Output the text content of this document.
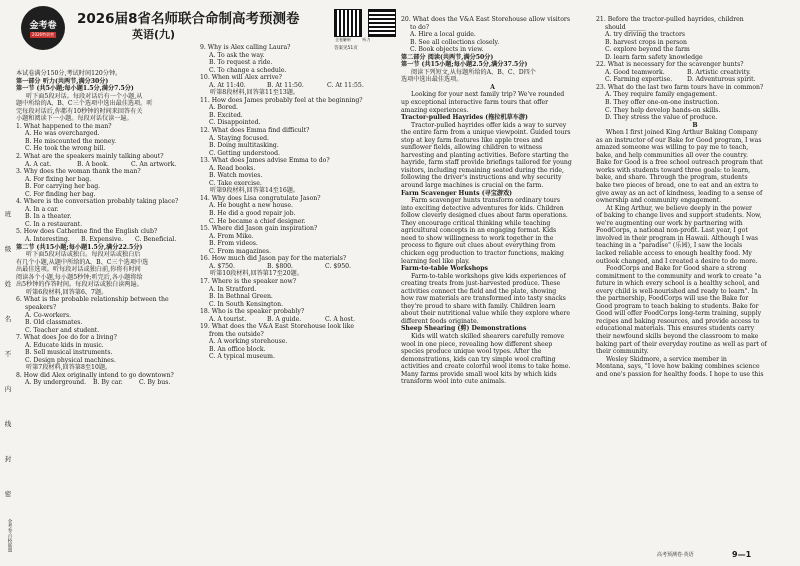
金考卷
2026特训营
2026届8省名师联合命制高考预测卷
英语(九)	全卷解析	听力
答案见51页
班
级
姓
名
不
内
线
封
密
金考卷·百校联盟
本试卷满分150分,考试时间120分钟。
第一部分 听力(共两节,满分30分)
第一节 (共5小题;每小题1.5分,满分7.5分)
听下面5段对话。每段对话后有一个小题,从
题中所给的A、B、C三个选项中选出最佳选项。听
完每段对话后,你都有10秒钟的时间来回答有关
小题和阅读下一小题。每段对话仅读一遍。
1. What happened to the man?
A. He was overcharged.
B. He miscounted the money.
C. He took the wrong bill.
2. What are the speakers mainly talking about?
A. A cat.	B. A book.	C. An artwork.
3. Why does the woman thank the man?
A. For fixing her bag.
B. For carrying her bag.
C. For finding her bag.
4. Where is the conversation probably taking place?
A. In a car.
B. In a theater.
C. In a restaurant.
5. How does Catherine find the English club?
A. Interesting. B. Expensive. C. Beneficial.
第二节 (共15小题;每小题1.5分,满分22.5分)
听下面5段对话或独白。每段对话或独白后
有几个小题,从题中所给的A、B、C三个选项中选
出最佳选项。听每段对话或独白前,你将有时间
阅读各个小题,每小题5秒钟;听完后,各小题将给
出5秒钟的作答时间。每段对话或独白读两遍。
听第6段材料,回答第6、7题。
6. What is the probable relationship between the
speakers?
A. Co-workers.
B. Old classmates.
C. Teacher and student.
7. What does Joe do for a living?
A. Educate kids in music.
B. Sell musical instruments.
C. Design physical machines.
听第7段材料,回答第8至10题。
8. How did Alex originally intend to go downtown?
A. By underground. B. By car.	C. By bus.
9. Why is Alex calling Laura?
A. To ask the way.
B. To request a ride.
C. To change a schedule.
10. When will Alex arrive?
A. At 11:40.	B. At 11:50.	C. At 11:55.
听第8段材料,回答第11至13题。
11. How does James probably feel at the beginning?
A. Bored.
B. Excited.
C. Disappointed.
12. What does Emma find difficult?
A. Staying focused.
B. Doing multitasking.
C. Getting understood.
13. What does James advise Emma to do?
A. Read books.
B. Watch movies.
C. Take exercise.
听第9段材料,回答第14至16题。
14. Why does Lisa congratulate Jason?
A. He bought a new house.
B. He did a good repair job.
C. He became a chief designer.
15. Where did Jason gain inspiration?
A. From Mike.
B. From videos.
C. From magazines.
16. How much did Jason pay for the materials?
A. $750.	B. $800.	C. $950.
听第10段材料,回答第17至20题。
17. Where is the speaker now?
A. In Stratford.
B. In Bethnal Green.
C. In South Kensington.
18. Who is the speaker probably?
A. A tourist.	B. A guide.	C. A host.
19. What does the V&A East Storehouse look like
from the outside?
A. A working storehouse.
B. An office block.
C. A typical museum.
20. What does the V&A East Storehouse allow visitors
to do?
A. Hire a local guide.
B. See all collections closely.
C. Book objects in view.
第二部分 阅读(共两节,满分50分)
第一节 (共15小题;每小题2.5分,满分37.5分)
阅读下列短文,从每题所给的A、B、C、D四个
选项中选出最佳选项。
A
Looking for your next family trip? We've rounded
up exceptional interactive farm tours that offer
amazing experiences.
Tractor-pulled Hayrides (拖拉机草车游)
Tractor-pulled hayrides offer kids a way to survey
the entire farm from a unique viewpoint. Guided tours
stop at key farm features like apple trees and
sunflower fields, allowing children to witness
harvesting and planting activities. Before starting the
hayride, farm staff provide briefings tailored for young
visitors, including remaining seated during the ride,
following the driver's instructions and why security
around large machines is crucial on the farm.
Farm Scavenger Hunts (寻宝游戏)
Farm scavenger hunts transform ordinary tours
into exciting detective adventures for kids. Children
follow cleverly designed clues about farm operations.
They encourage critical thinking while teaching
agricultural concepts in an engaging format. Kids
need to show willingness to work together in the
process to figure out clues about everything from
chicken egg production to tractor functions, making
learning feel like play.
Farm-to-table Workshops
Farm-to-table workshops give kids experiences of
creating treats from just-harvested produce. These
activities connect the field and the plate, showing
how raw materials are transformed into tasty snacks
they're proud to share with family. Children learn
about their nutritional value while they explore where
different foods originate.
Sheep Shearing (剪) Demonstrations
Kids will watch skilled shearers carefully remove
wool in one piece, revealing how different sheep
species produce unique wool types. After the
demonstrations, kids can try simple wool crafting
activities and create colorful wool items to take home.
Many farms provide small wool kits by which kids
transform wool into cute animals.
21. Before the tractor-pulled hayrides, children
should ______
A. try driving the tractors
B. harvest crops in person
C. explore beyond the farm
D. learn farm safety knowledge
22. What is necessary for the scavenger hunts?
A. Good teamwork.	B. Artistic creativity.
C. Farming expertise. D. Adventurous spirit.
23. What do the last two farm tours have in common?
A. They require family engagement.
B. They offer one-on-one instruction.
C. They help develop hands-on skills.
D. They stress the value of produce.
B
When I first joined King Arthur Baking Company
as an instructor of our Bake for Good program, I was
amazed someone was willing to pay me to teach,
bake, and help communities all over the country.
Bake for Good is a free school outreach program that
works with students toward three goals: to learn,
bake, and share. Through the program, students
bake two pieces of bread, one to eat and an extra to
give away as an act of kindness, leading to a sense of
ownership and community engagement.
At King Arthur, we believe deeply in the power
of baking to change lives and support students. Now,
we're augmenting our work by partnering with
FoodCorps, a national non-profit. Last year, I got
involved in their program in Hawaii. Although I was
teaching in a "paradise" (乐园), I saw the locals
lacked reliable access to enough healthy food. My
outlook changed, and I created a desire to do more.
FoodCorps and Bake for Good share a strong
commitment to the community and work to create "a
future in which every school is a healthy school, and
every child is well-nourished and ready to learn". In
the partnership, FoodCorps will use the Bake for
Good program to teach baking to students. Bake for
Good will offer FoodCorps long-term training, supply
recipes and baking resources, and provide access to
educational materials. This ensures students carry
their newfound skills beyond the classroom to make
baking part of their everyday routine as well as part of
their community.
Wesley Skidmore, a service member in
Montana, says, "I love how baking combines science
and one's passion for healthy foods. I hope to use this
高考预测卷·英语	9—1
